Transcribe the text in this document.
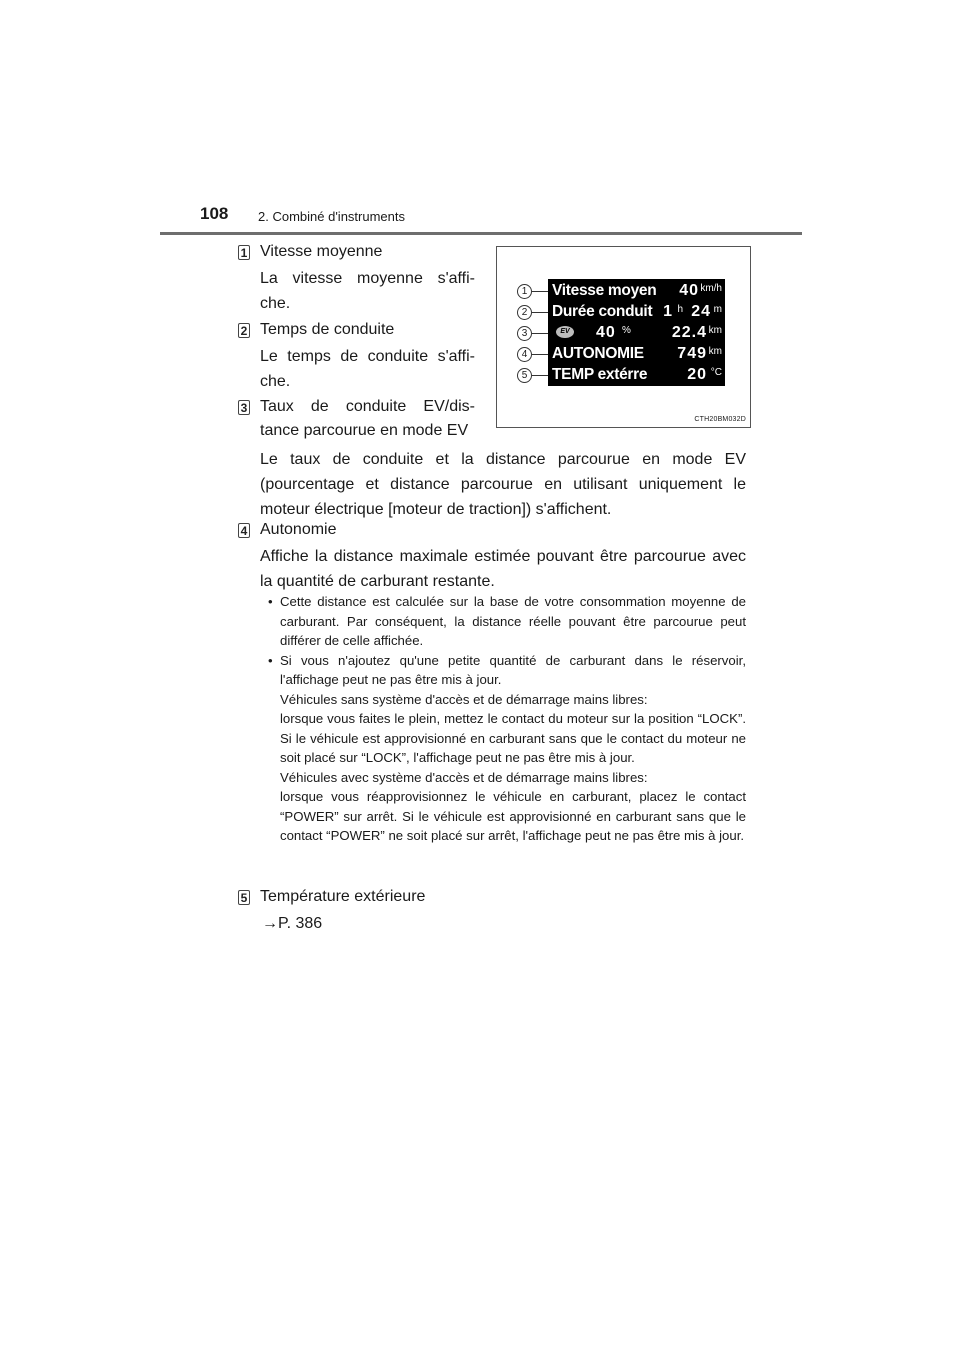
108 2. Combiné d'instruments
Vitesse moyen 40 km/h
Durée conduit 1 h 24 m
EV 40 %	22.4 km
AUTONOMIE 749 km
TEMP extérre	20 °C
1
2
3
4
5
CTH20BM032D
1 Vitesse moyenne
La vitesse moyenne s'affi-
che.
2 Temps de conduite
Le temps de conduite s'affi-
che.
3 Taux de conduite EV/dis-
tance parcourue en mode EV
Le taux de conduite et la distance parcourue en mode EV (pourcentage et distance parcourue en utilisant uniquement le moteur électrique [moteur de traction]) s'affichent.
4 Autonomie
Affiche la distance maximale estimée pouvant être parcourue avec la quantité de carburant restante.
• Cette distance est calculée sur la base de votre consommation moyenne de carburant. Par conséquent, la distance réelle pouvant être parcourue peut différer de celle affichée.

• Si vous n'ajoutez qu'une petite quantité de carburant dans le réservoir, l'affichage peut ne pas être mis à jour.

Véhicules sans système d'accès et de démarrage mains libres:

lorsque vous faites le plein, mettez le contact du moteur sur la position “LOCK”. Si le véhicule est approvisionné en carburant sans que le contact du moteur ne soit placé sur “LOCK”, l'affichage peut ne pas être mis à jour.

Véhicules avec système d'accès et de démarrage mains libres:

lorsque vous réapprovisionnez le véhicule en carburant, placez le contact “POWER” sur arrêt. Si le véhicule est approvisionné en carburant sans que le contact “POWER” ne soit placé sur arrêt, l'affichage peut ne pas être mis à jour.

5 Température extérieure
→P. 386
